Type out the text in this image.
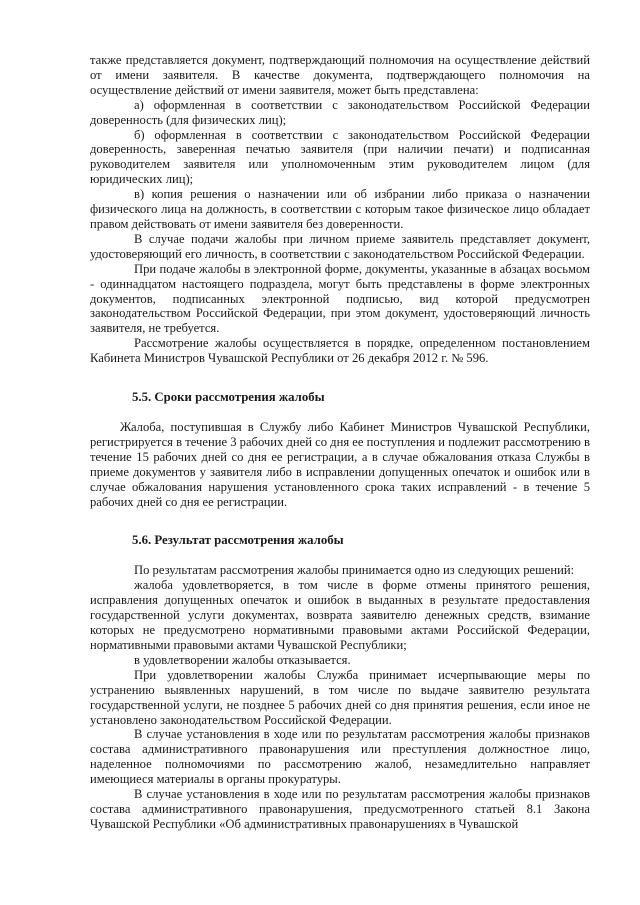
также представляется документ, подтверждающий полномочия на осуществление действий от имени заявителя. В качестве документа, подтверждающего полномочия на осуществление действий от имени заявителя, может быть представлена:

а) оформленная в соответствии с законодательством Российской Федерации доверенность (для физических лиц);

б) оформленная в соответствии с законодательством Российской Федерации доверенность, заверенная печатью заявителя (при наличии печати) и подписанная руководителем заявителя или уполномоченным этим руководителем лицом (для юридических лиц);

в) копия решения о назначении или об избрании либо приказа о назначении физического лица на должность, в соответствии с которым такое физическое лицо обладает правом действовать от имени заявителя без доверенности.

В случае подачи жалобы при личном приеме заявитель представляет документ, удостоверяющий его личность, в соответствии с законодательством Российской Федерации.

При подаче жалобы в электронной форме, документы, указанные в абзацах восьмом - одиннадцатом настоящего подраздела, могут быть представлены в форме электронных документов, подписанных электронной подписью, вид которой предусмотрен законодательством Российской Федерации, при этом документ, удостоверяющий личность заявителя, не требуется.

Рассмотрение жалобы осуществляется в порядке, определенном постановлением Кабинета Министров Чувашской Республики от 26 декабря 2012 г. № 596.

5.5. Сроки рассмотрения жалобы

Жалоба, поступившая в Службу либо Кабинет Министров Чувашской Республики, регистрируется в течение 3 рабочих дней со дня ее поступления и подлежит рассмотрению в течение 15 рабочих дней со дня ее регистрации, а в случае обжалования отказа Службы в приеме документов у заявителя либо в исправлении допущенных опечаток и ошибок или в случае обжалования нарушения установленного срока таких исправлений - в течение 5 рабочих дней со дня ее регистрации.

5.6. Результат рассмотрения жалобы

По результатам рассмотрения жалобы принимается одно из следующих решений:

жалоба удовлетворяется, в том числе в форме отмены принятого решения, исправления допущенных опечаток и ошибок в выданных в результате предоставления государственной услуги документах, возврата заявителю денежных средств, взимание которых не предусмотрено нормативными правовыми актами Российской Федерации, нормативными правовыми актами Чувашской Республики;

в удовлетворении жалобы отказывается.

При удовлетворении жалобы Служба принимает исчерпывающие меры по устранению выявленных нарушений, в том числе по выдаче заявителю результата государственной услуги, не позднее 5 рабочих дней со дня принятия решения, если иное не установлено законодательством Российской Федерации.

В случае установления в ходе или по результатам рассмотрения жалобы признаков состава административного правонарушения или преступления должностное лицо, наделенное полномочиями по рассмотрению жалоб, незамедлительно направляет имеющиеся материалы в органы прокуратуры.

В случае установления в ходе или по результатам рассмотрения жалобы признаков состава административного правонарушения, предусмотренного статьей 8.1 Закона Чувашской Республики «Об административных правонарушениях в Чувашской
